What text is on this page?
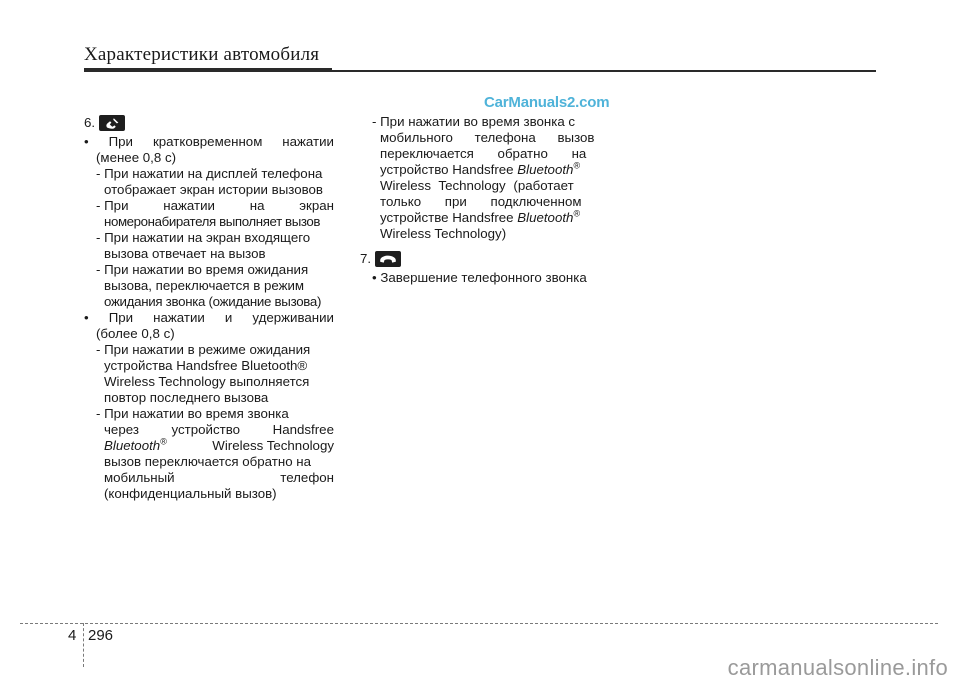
Характеристики автомобиля
CarManuals2.com
6.
• При кратковременном нажатии
(менее 0,8 с)
- При нажатии на дисплей телефона
отображает экран истории вызовов
- При	нажатии	на	экран
номеронабирателя выполняет вызов
- При нажатии на экран входящего
вызова отвечает на вызов
- При нажатии во время ожидания
вызова, переключается в режим
ожидания звонка (ожидание вызова)
• При нажатии и удерживании
(более 0,8 с)
- При нажатии в режиме ожидания
устройства Handsfree Bluetooth®
Wireless Technology выполняется
повтор последнего вызова
- При нажатии во время звонка
через устройство Handsfree
Bluetooth®	Wireless Technology
вызов переключается обратно на
мобильный	телефон
(конфиденциальный вызов)
- При нажатии во время звонка с
мобильного телефона вызов
переключается обратно на
устройство Handsfree Bluetooth®
Wireless Technology (работает
только при подключенном
устройстве Handsfree Bluetooth®
Wireless Technology)
7.
• Завершение телефонного звонка
4 296
carmanualsonline.info
